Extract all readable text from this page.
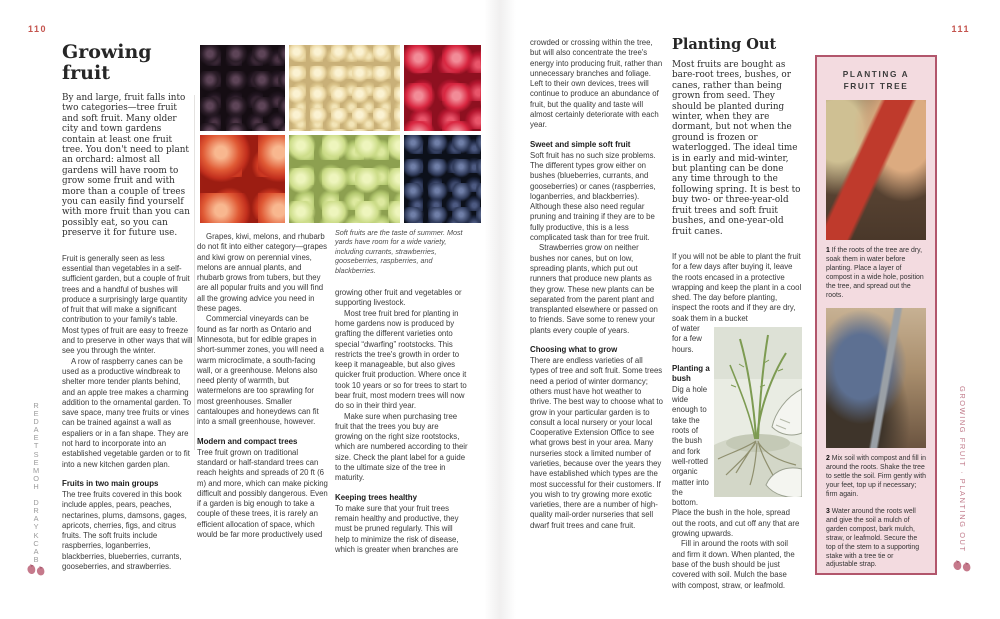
110	111
B
A
C
K
Y
A
R
D

H
O
M
E
S
T
E
A
D
E
R	GROWING FRUIT · PLANTING OUT
Growing fruit

By and large, fruit falls into two categories—tree fruit and soft fruit. Many older city and town gardens contain at least one fruit tree. You don't need to plant an orchard: almost all gardens will have room to grow some fruit and with more than a couple of trees you can easily find yourself with more fruit than you can possibly eat, so you can preserve it for future use.

Fruit is generally seen as less essential than vegetables in a self-sufficient garden, but a couple of fruit trees and a handful of bushes will produce a surprisingly large quantity of fruit that will make a significant contribution to your family's table. Most types of fruit are easy to freeze and to preserve in other ways that will see you through the winter.

A row of raspberry canes can be used as a productive windbreak to shelter more tender plants behind, and an apple tree makes a charming addition to the ornamental garden. To save space, many tree fruits or vines can be trained against a wall as espaliers or in a fan shape. They are not hard to incorporate into an established vegetable garden or to fit into a new kitchen garden plan.

Fruits in two main groups

The tree fruits covered in this book include apples, pears, peaches, nectarines, plums, damsons, gages, apricots, cherries, figs, and citrus fruits. The soft fruits include raspberries, loganberries, blackberries, blueberries, currants, gooseberries, and strawberries.

Grapes, kiwi, melons, and rhubarb do not fit into either category—grapes and kiwi grow on perennial vines, melons are annual plants, and rhubarb grows from tubers, but they are all popular fruits and you will find all the growing advice you need in these pages.

Commercial vineyards can be found as far north as Ontario and Minnesota, but for edible grapes in short-summer zones, you will need a warm microclimate, a south-facing wall, or a greenhouse. Melons also need plenty of warmth, but watermelons are too sprawling for most greenhouses. Smaller cantaloupes and honeydews can fit into a small greenhouse, however.

Modern and compact trees

Tree fruit grown on traditional standard or half-standard trees can reach heights and spreads of 20 ft (6 m) and more, which can make picking difficult and possibly dangerous. Even if a garden is big enough to take a couple of these trees, it is rarely an efficient allocation of space, which would be far more productively used

Soft fruits are the taste of summer. Most yards have room for a wide variety, including currants, strawberries, gooseberries, raspberries, and blackberries.

growing other fruit and vegetables or supporting livestock.

Most tree fruit bred for planting in home gardens now is produced by grafting the different varieties onto special “dwarfing” rootstocks. This restricts the tree's growth in order to keep it manageable, but also gives quicker fruit production. Where once it took 10 years or so for trees to start to bear fruit, most modern trees will now do so in their third year.

Make sure when purchasing tree fruit that the trees you buy are growing on the right size rootstocks, which are numbered according to their size. Check the plant label for a guide to the ultimate size of the tree in maturity.

Keeping trees healthy

To make sure that your fruit trees remain healthy and productive, they must be pruned regularly. This will help to minimize the risk of disease, which is greater when branches are

crowded or crossing within the tree, but will also concentrate the tree's energy into producing fruit, rather than unnecessary branches and foliage. Left to their own devices, trees will continue to produce an abundance of fruit, but the quality and taste will almost certainly deteriorate with each year.

Sweet and simple soft fruit

Soft fruit has no such size problems. The different types grow either on bushes (blueberries, currants, and gooseberries) or canes (raspberries, loganberries, and blackberries). Although these also need regular pruning and training if they are to be fully productive, this is a less complicated task than for tree fruit.

Strawberries grow on neither bushes nor canes, but on low, spreading plants, which put out runners that produce new plants as they grow. These new plants can be separated from the parent plant and transplanted elsewhere or passed on to friends. Save some to renew your plants every couple of years.

Choosing what to grow

There are endless varieties of all types of tree and soft fruit. Some trees need a period of winter dormancy; others must have hot weather to thrive. The best way to choose what to grow in your particular garden is to consult a local nursery or your local Cooperative Extension Office to see what grows best in your area. Many nurseries stock a limited number of varieties, because over the years they have established which types are the most successful for their customers. If you wish to try growing more exotic varieties, there are a number of high-quality mail-order nurseries that sell dwarf fruit trees and cane fruit.

Planting Out

Most fruits are bought as bare-root trees, bushes, or canes, rather than being grown from seed. They should be planted during winter, when they are dormant, but not when the ground is frozen or waterlogged. The ideal time is in early and mid-winter, but planting can be done any time through to the following spring. It is best to buy two- or three-year-old fruit trees and soft fruit bushes, and one-year-old fruit canes.

If you will not be able to plant the fruit for a few days after buying it, leave the roots encased in a protective wrapping and keep the plant in a cool shed. The day before planting, inspect the roots and if they are dry, soak them in a bucket

of water for a few hours.

Planting a bush

Dig a hole wide enough to take the roots of the bush and fork well-rotted organic matter into the bottom. Place the bush in the hole, spread out the roots, and cut off any that are growing upwards.

Fill in around the roots with soil and firm it down. When planted, the base of the bush should be just covered with soil. Mulch the base with compost, straw, or leafmold.

PLANTING A FRUIT TREE

1 If the roots of the tree are dry, soak them in water before planting. Place a layer of compost in a wide hole, position the tree, and spread out the roots.

2 Mix soil with compost and fill in around the roots. Shake the tree to settle the soil. Firm gently with your feet, top up if necessary; firm again.

3 Water around the roots well and give the soil a mulch of garden compost, bark mulch, straw, or leafmold. Secure the top of the stem to a supporting stake with a tree tie or adjustable strap.
